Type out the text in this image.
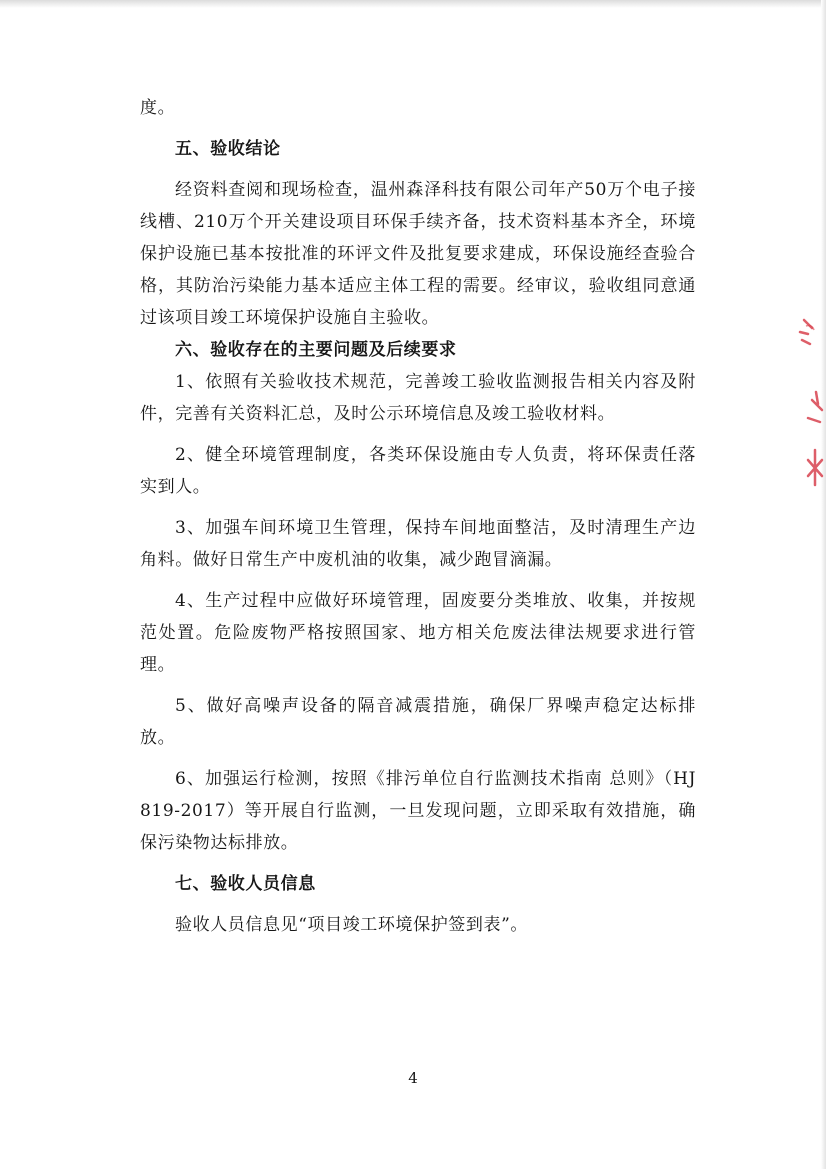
度。

五、验收结论

经资料查阅和现场检查，温州森泽科技有限公司年产50万个电子接线槽、210万个开关建设项目环保手续齐备，技术资料基本齐全，环境保护设施已基本按批准的环评文件及批复要求建成，环保设施经查验合格，其防治污染能力基本适应主体工程的需要。经审议，验收组同意通过该项目竣工环境保护设施自主验收。

六、验收存在的主要问题及后续要求

1、依照有关验收技术规范，完善竣工验收监测报告相关内容及附件，完善有关资料汇总，及时公示环境信息及竣工验收材料。

2、健全环境管理制度，各类环保设施由专人负责，将环保责任落实到人。

3、加强车间环境卫生管理，保持车间地面整洁，及时清理生产边角料。做好日常生产中废机油的收集，减少跑冒滴漏。

4、生产过程中应做好环境管理，固废要分类堆放、收集，并按规范处置。危险废物严格按照国家、地方相关危废法律法规要求进行管理。

5、做好高噪声设备的隔音减震措施，确保厂界噪声稳定达标排放。

6、加强运行检测，按照《排污单位自行监测技术指南 总则》（HJ 819-2017）等开展自行监测，一旦发现问题，立即采取有效措施，确保污染物达标排放。

七、验收人员信息

验收人员信息见“项目竣工环境保护签到表”。

4
